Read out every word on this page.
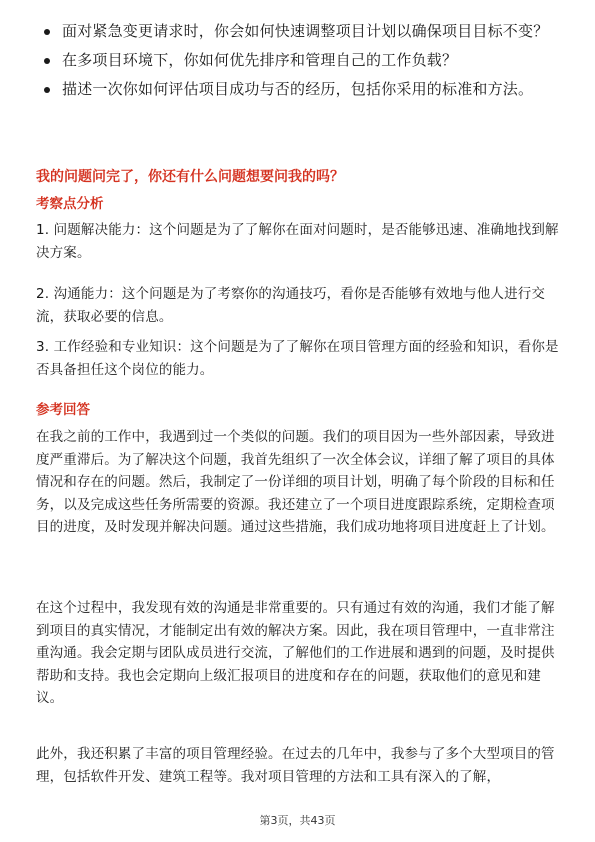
面对紧急变更请求时，你会如何快速调整项目计划以确保项目目标不变？
在多项目环境下，你如何优先排序和管理自己的工作负载？
描述一次你如何评估项目成功与否的经历，包括你采用的标准和方法。
我的问题问完了，你还有什么问题想要问我的吗？
考察点分析
1. 问题解决能力：这个问题是为了了解你在面对问题时，是否能够迅速、准确地找到解决方案。
2. 沟通能力：这个问题是为了考察你的沟通技巧，看你是否能够有效地与他人进行交流，获取必要的信息。
3. 工作经验和专业知识：这个问题是为了了解你在项目管理方面的经验和知识，看你是否具备担任这个岗位的能力。
参考回答
在我之前的工作中，我遇到过一个类似的问题。我们的项目因为一些外部因素，导致进度严重滞后。为了解决这个问题，我首先组织了一次全体会议，详细了解了项目的具体情况和存在的问题。然后，我制定了一份详细的项目计划，明确了每个阶段的目标和任务，以及完成这些任务所需要的资源。我还建立了一个项目进度跟踪系统，定期检查项目的进度，及时发现并解决问题。通过这些措施，我们成功地将项目进度赶上了计划。
在这个过程中，我发现有效的沟通是非常重要的。只有通过有效的沟通，我们才能了解到项目的真实情况，才能制定出有效的解决方案。因此，我在项目管理中，一直非常注重沟通。我会定期与团队成员进行交流，了解他们的工作进展和遇到的问题，及时提供帮助和支持。我也会定期向上级汇报项目的进度和存在的问题，获取他们的意见和建议。
此外，我还积累了丰富的项目管理经验。在过去的几年中，我参与了多个大型项目的管理，包括软件开发、建筑工程等。我对项目管理的方法和工具有深入的了解，
第3页，共43页
